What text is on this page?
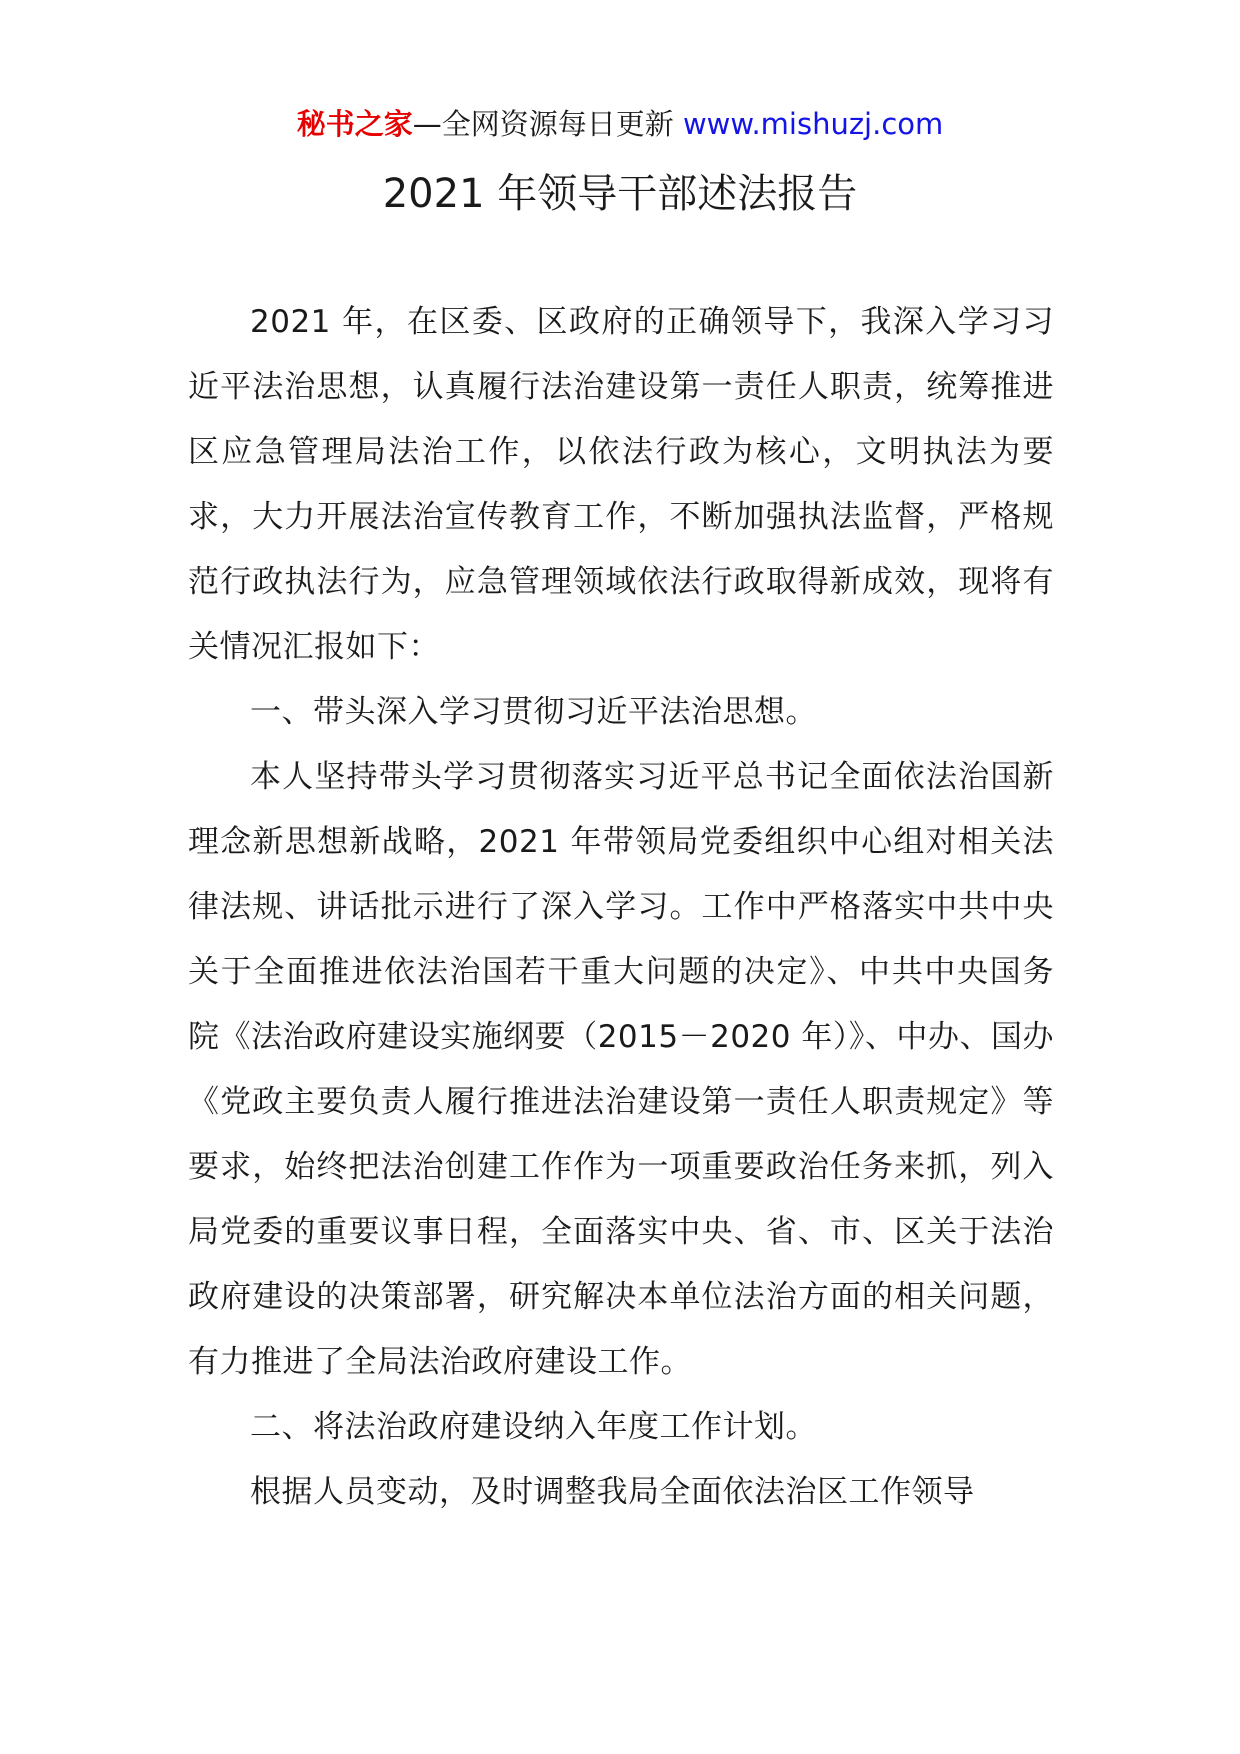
秘书之家—全网资源每日更新 www.mishuzj.com
2021 年领导干部述法报告

2021 年，在区委、区政府的正确领导下，我深入学习习近平法治思想，认真履行法治建设第一责任人职责，统筹推进区应急管理局法治工作，以依法行政为核心，文明执法为要求，大力开展法治宣传教育工作，不断加强执法监督，严格规范行政执法行为，应急管理领域依法行政取得新成效，现将有关情况汇报如下：

一、带头深入学习贯彻习近平法治思想。

本人坚持带头学习贯彻落实习近平总书记全面依法治国新理念新思想新战略，2021 年带领局党委组织中心组对相关法律法规、讲话批示进行了深入学习。工作中严格落实中共中央关于全面推进依法治国若干重大问题的决定》、中共中央国务院《法治政府建设实施纲要（2015－2020 年）》、中办、国办《党政主要负责人履行推进法治建设第一责任人职责规定》等要求，始终把法治创建工作作为一项重要政治任务来抓，列入局党委的重要议事日程，全面落实中央、省、市、区关于法治政府建设的决策部署，研究解决本单位法治方面的相关问题，有力推进了全局法治政府建设工作。

二、将法治政府建设纳入年度工作计划。

根据人员变动，及时调整我局全面依法治区工作领导
